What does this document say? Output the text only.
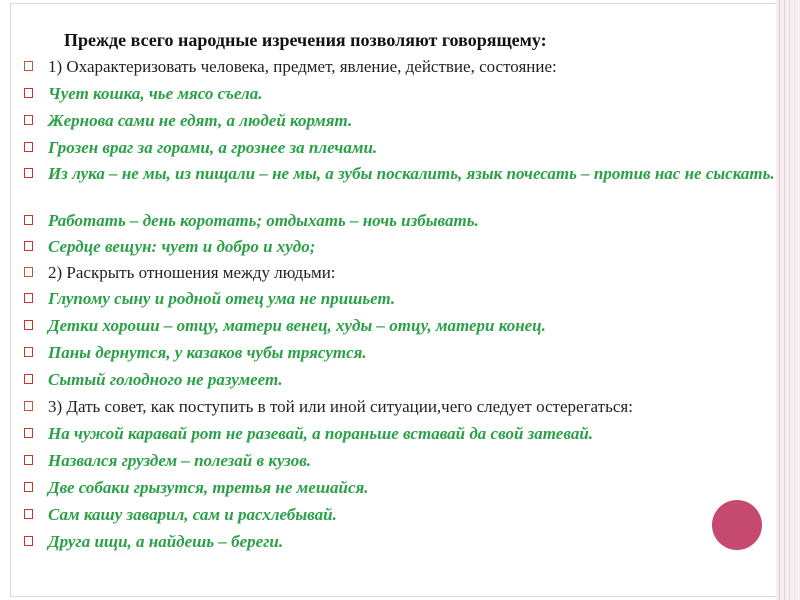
Прежде всего народные изречения позволяют говорящему:
1) Охарактеризовать человека, предмет, явление, действие, состояние:
Чует кошка, чье мясо съела.
Жернова сами не едят, а людей кормят.
Грозен враг за горами, а грознее за плечами.
Из лука – не мы, из пищали – не мы, а зубы поскалить, язык почесать – против нас не сыскать.
Работать – день коротать; отдыхать – ночь избывать.
Сердце вещун: чует и добро и худо;
2) Раскрыть отношения между людьми:
Глупому сыну и родной отец ума не пришьет.
Детки хороши – отцу, матери венец, худы – отцу, матери конец.
Паны дернутся, у казаков чубы трясутся.
Сытый голодного не разумеет.
3) Дать совет, как поступить в той или иной ситуации,чего следует остерегаться:
На чужой каравай рот не разевай, а пораньше вставай да свой затевай.
Назвался груздем – полезай в кузов.
Две собаки грызутся, третья не мешайся.
Сам кашу заварил, сам и расхлебывай.
Друга ищи, а найдешь – береги.
